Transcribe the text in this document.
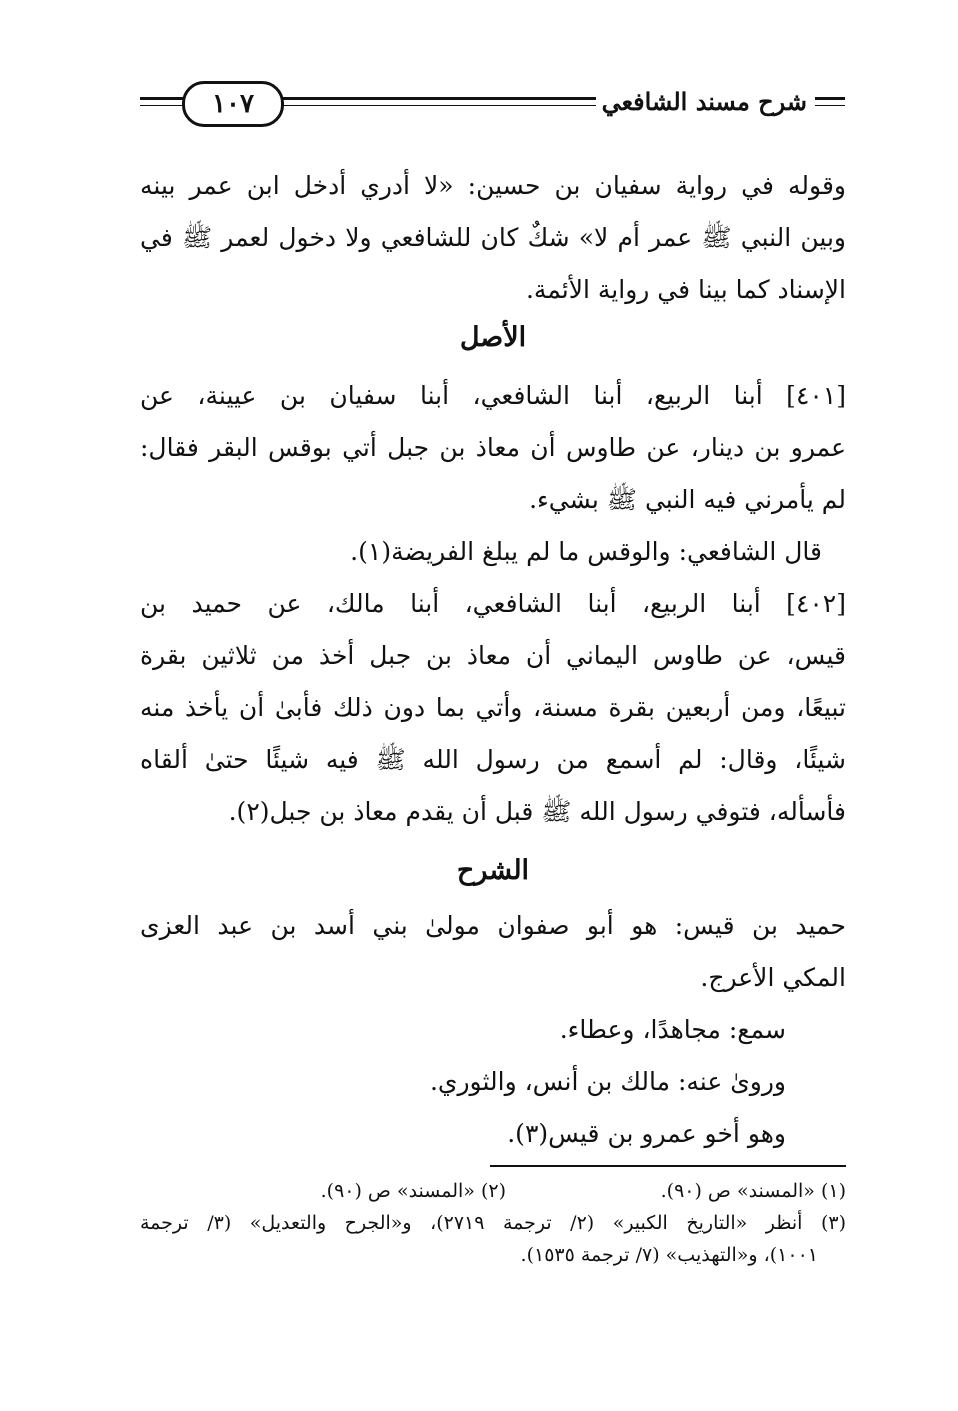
شرح مسند الشافعي
١٠٧
وقوله في رواية سفيان بن حسين: «لا أدري أدخل ابن عمر بينه
وبين النبي ﷺ عمر أم لا» شكٌ كان للشافعي ولا دخول لعمر ﷺ في
الإسناد كما بينا في رواية الأئمة.
الأصل
[٤٠١] أبنا الربيع، أبنا الشافعي، أبنا سفيان بن عيينة، عن
عمرو بن دينار، عن طاوس أن معاذ بن جبل أتي بوقس البقر فقال:
لم يأمرني فيه النبي ﷺ بشيء.
قال الشافعي: والوقس ما لم يبلغ الفريضة(١).
[٤٠٢] أبنا الربيع، أبنا الشافعي، أبنا مالك، عن حميد بن
قيس، عن طاوس اليماني أن معاذ بن جبل أخذ من ثلاثين بقرة
تبيعًا، ومن أربعين بقرة مسنة، وأتي بما دون ذلك فأبىٰ أن يأخذ منه
شيئًا، وقال: لم أسمع من رسول الله ﷺ فيه شيئًا حتىٰ ألقاه
فأسأله، فتوفي رسول الله ﷺ قبل أن يقدم معاذ بن جبل(٢).
الشرح
حميد بن قيس: هو أبو صفوان مولىٰ بني أسد بن عبد العزى
المكي الأعرج.
سمع: مجاهدًا، وعطاء.
وروىٰ عنه: مالك بن أنس، والثوري.
وهو أخو عمرو بن قيس(٣).
(١) «المسند» ص (٩٠).
(٢) «المسند» ص (٩٠).
(٣) أنظر «التاريخ الكبير» (٢/ ترجمة ٢٧١٩)، و«الجرح والتعديل» (٣/ ترجمة
١٠٠١)، و«التهذيب» (٧/ ترجمة ١٥٣٥).
